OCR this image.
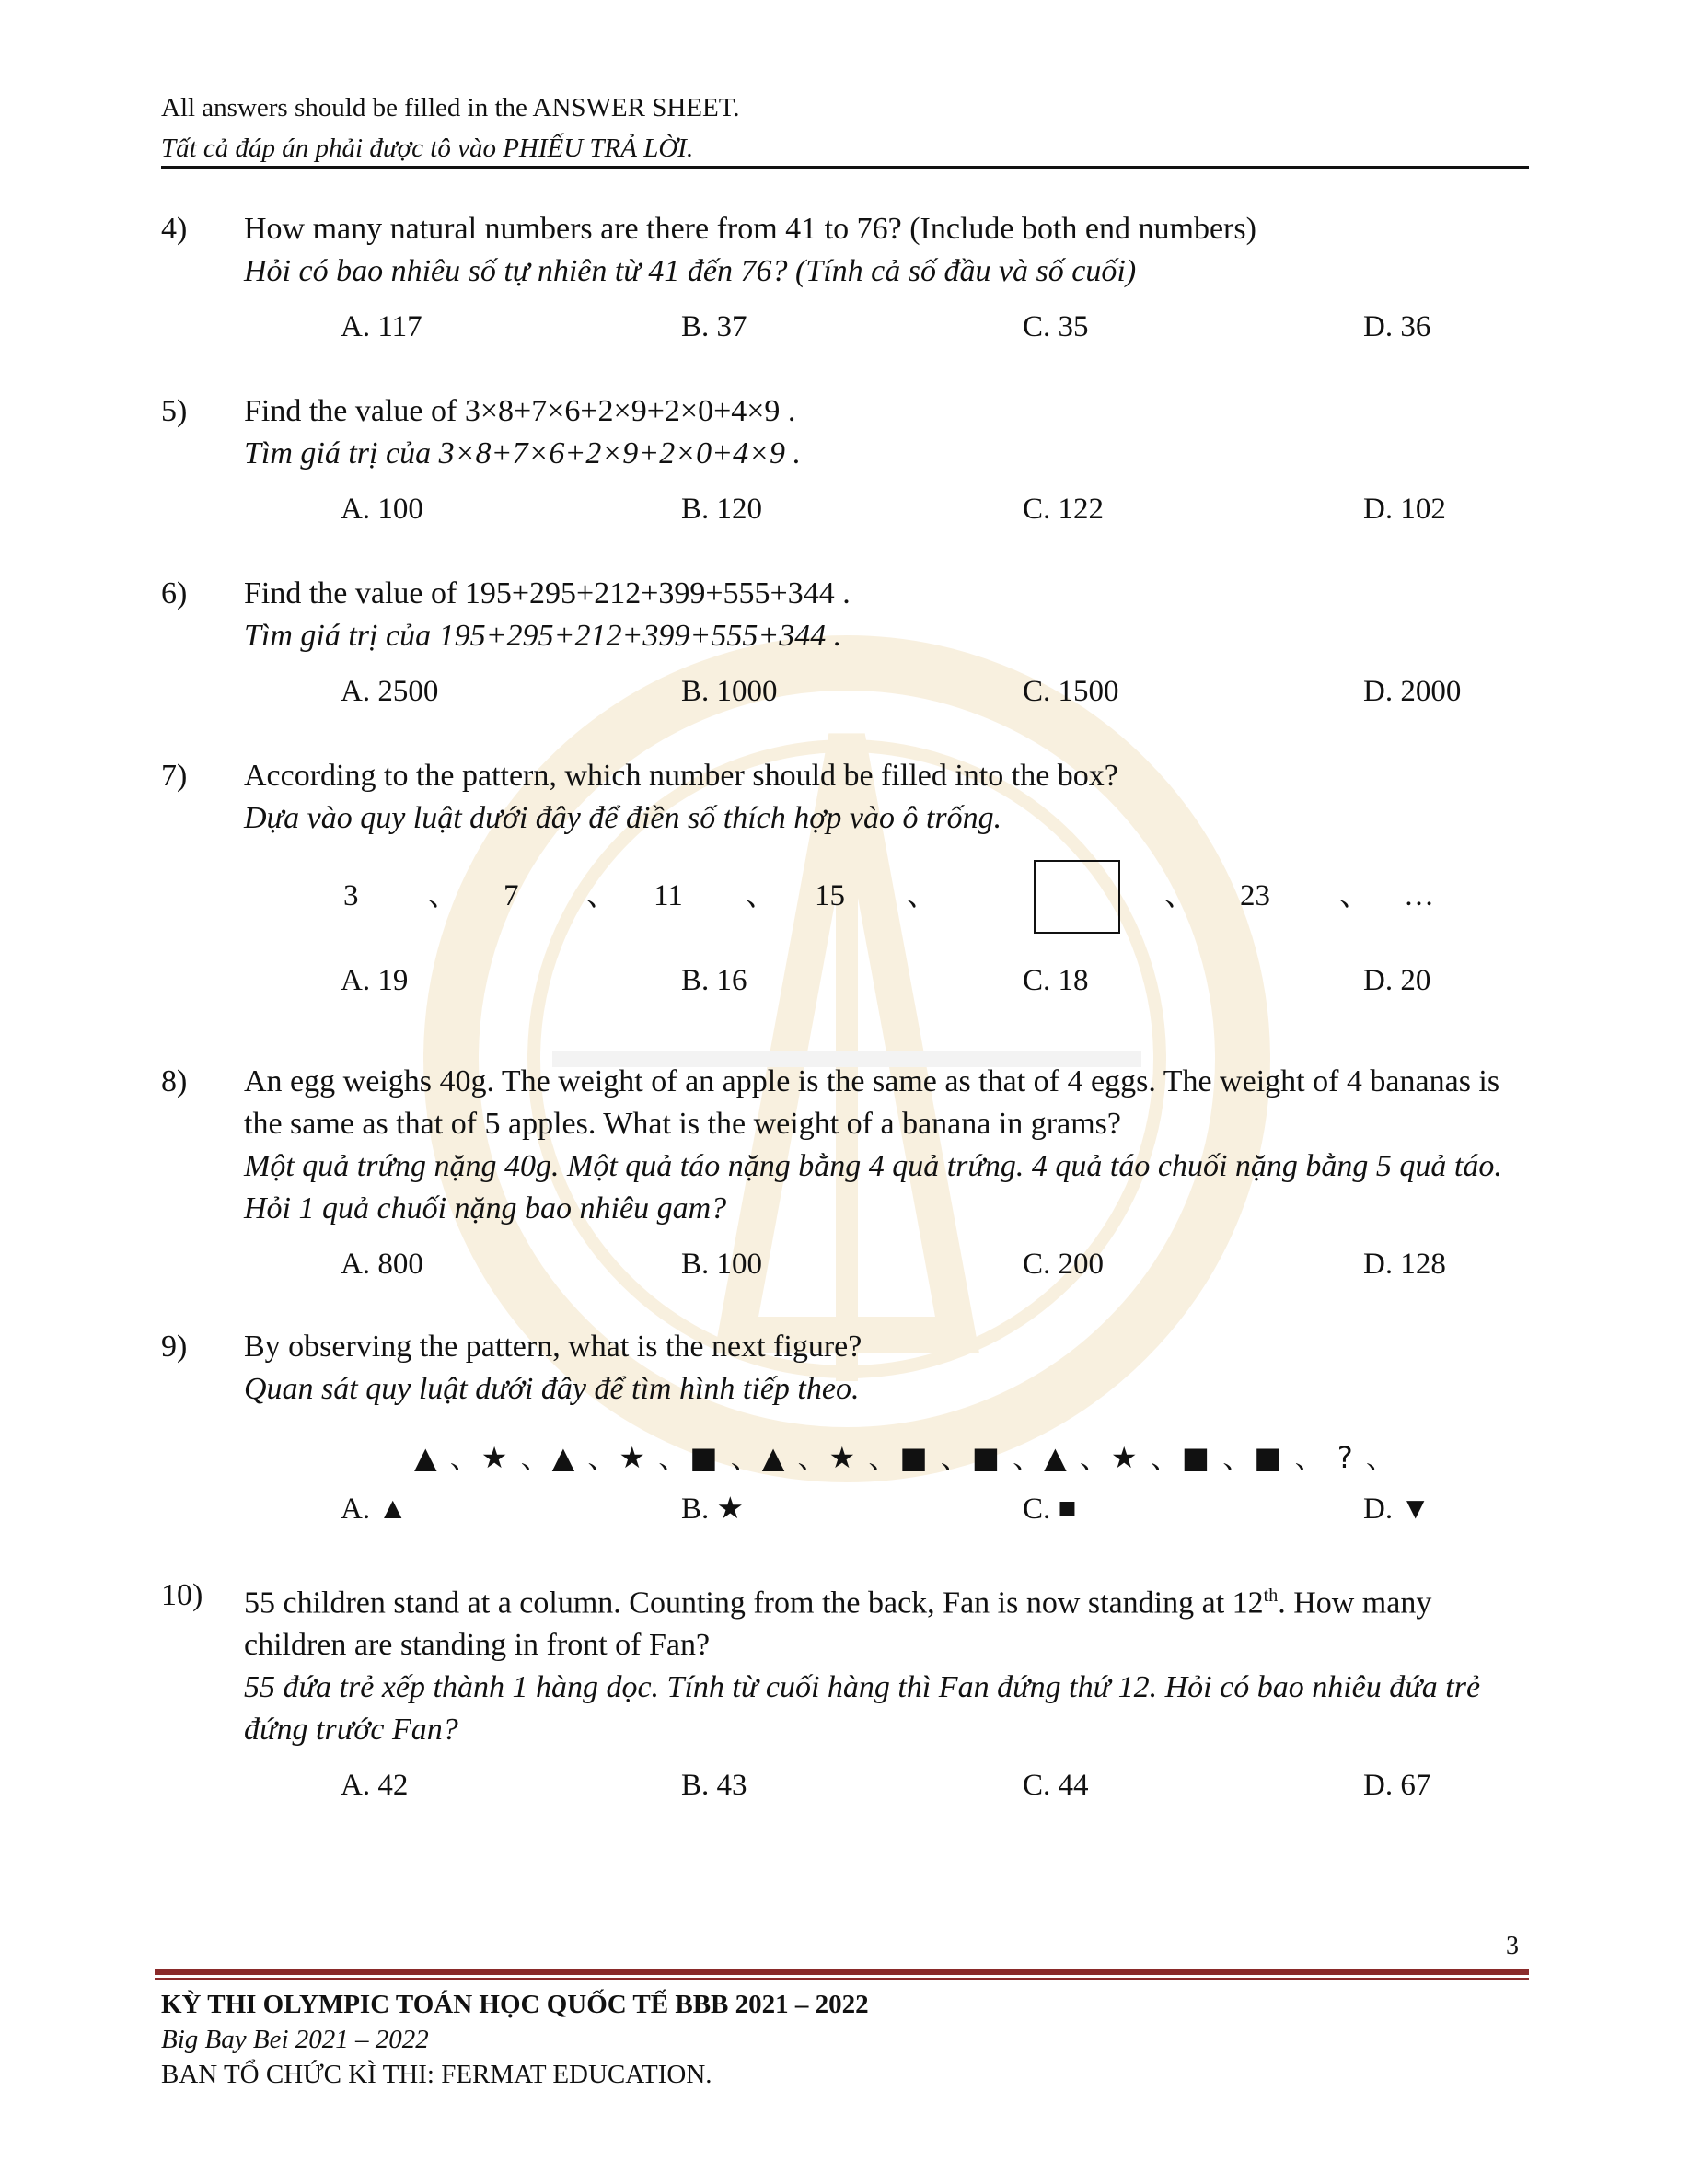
All answers should be filled in the ANSWER SHEET.
Tất cả đáp án phải được tô vào PHIẾU TRẢ LỜI.
4) How many natural numbers are there from 41 to 76? (Include both end numbers)
Hỏi có bao nhiêu số tự nhiên từ 41 đến 76? (Tính cả số đầu và số cuối)
A. 117	B. 37	C. 35	D. 36
5) Find the value of 3×8+7×6+2×9+2×0+4×9 .
Tìm giá trị của 3×8+7×6+2×9+2×0+4×9 .
A. 100	B. 120	C. 122	D. 102
6) Find the value of 195+295+212+399+555+344 .
Tìm giá trị của 195+295+212+399+555+344 .
A. 2500	B. 1000	C. 1500	D. 2000
7) According to the pattern, which number should be filled into the box?
Dựa vào quy luật dưới đây để điền số thích hợp vào ô trống.
3 、 7 、 11 、 15 、	、 23 、 …
A. 19	B. 16	C. 18	D. 20
8) An egg weighs 40g. The weight of an apple is the same as that of 4 eggs. The weight of 4 bananas is the same as that of 5 apples. What is the weight of a banana in grams?
Một quả trứng nặng 40g. Một quả táo nặng bằng 4 quả trứng. 4 quả táo chuối nặng bằng 5 quả táo. Hỏi 1 quả chuối nặng bao nhiêu gam?
A. 800	B. 100	C. 200	D. 128
9) By observing the pattern, what is the next figure?
Quan sát quy luật dưới đây để tìm hình tiếp theo.
▲ 、★ 、▲ 、★ 、■ 、▲ 、★ 、■ 、■ 、▲ 、★ 、■ 、■ 、 ? 、
A. ▲	B. ★	C. ■	D. ▼
10) 55 children stand at a column. Counting from the back, Fan is now standing at 12th. How many children are standing in front of Fan?
55 đứa trẻ xếp thành 1 hàng dọc. Tính từ cuối hàng thì Fan đứng thứ 12. Hỏi có bao nhiêu đứa trẻ đứng trước Fan?
A. 42	B. 43	C. 44	D. 67
3
KỲ THI OLYMPIC TOÁN HỌC QUỐC TẾ BBB 2021 – 2022
Big Bay Bei 2021 – 2022
BAN TỔ CHỨC KÌ THI: FERMAT EDUCATION.
